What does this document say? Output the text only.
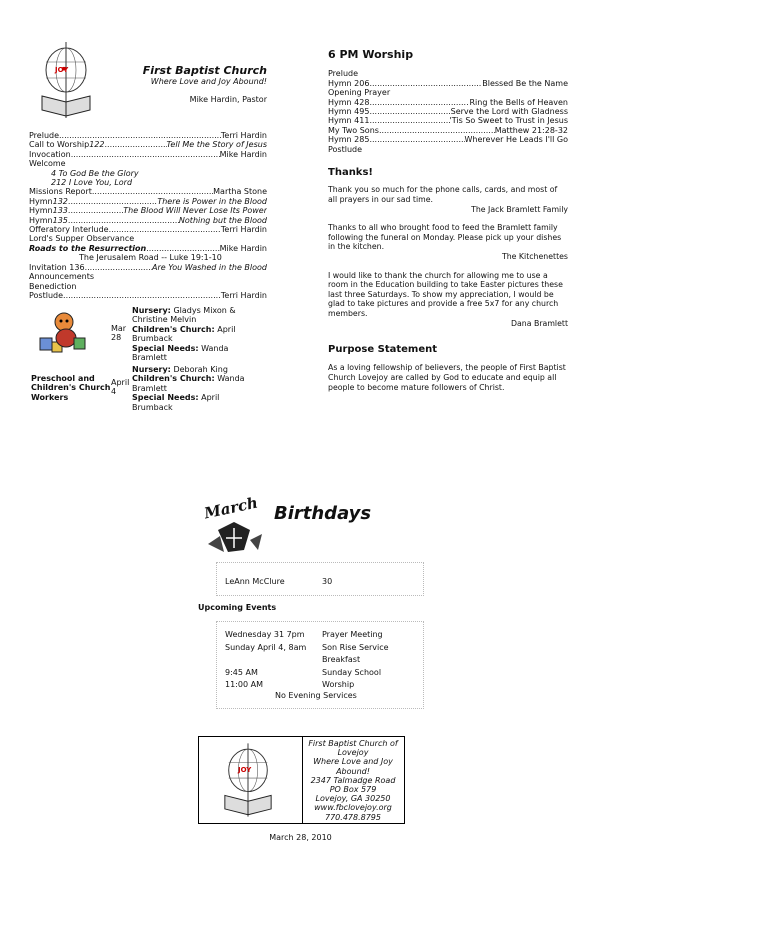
JOY	First Baptist Church
Where Love and Joy Abound!
Mike Hardin, Pastor
Prelude .....	Terri Hardin
Call to Worship 122 .....	Tell Me the Story of Jesus
Invocation .....	Mike Hardin
Welcome
4 To God Be the Glory
212 I Love You, Lord
Missions Report .....	Martha Stone
Hymn 132 .....	There is Power in the Blood
Hymn 133 .....	The Blood Will Never Lose Its Power
Hymn 135 .....	Nothing but the Blood
Offeratory Interlude .....	Terri Hardin
Lord's Supper Observance
Roads to the Resurrection .....	Mike Hardin
The Jerusalem Road -- Luke 19:1-10
Invitation 136 .....	Are You Washed in the Blood
Announcements
Benediction
Postlude .....	Terri Hardin
Preschool and Children's Church Workers
Mar 28
Nursery: Gladys Mixon & Christine Melvin
Children's Church: April Brumback
Special Needs: Wanda Bramlett
April 4
Nursery: Deborah King
Children's Church: Wanda Bramlett
Special Needs: April Brumback
6 PM Worship
Prelude
Hymn 206 .....	Blessed Be the Name
Opening Prayer
Hymn 428 .....	Ring the Bells of Heaven
Hymn 495 .....	Serve the Lord with Gladness
Hymn 411 .....	'Tis So Sweet to Trust in Jesus
My Two Sons .....	Matthew 21:28-32
Hymn 285 .....	Wherever He Leads I'll Go
Postlude
Thanks!
Thank you so much for the phone calls, cards, and most of all prayers in our sad time.
The Jack Bramlett Family
Thanks to all who brought food to feed the Bramlett family following the funeral on Monday. Please pick up your dishes in the kitchen.
The Kitchenettes
I would like to thank the church for allowing me to use a room in the Education building to take Easter pictures these last three Saturdays. To show my appreciation, I would be glad to take pictures and provide a free 5x7 for any church members.
Dana Bramlett
Purpose Statement
As a loving fellowship of believers, the people of First Baptist Church Lovejoy are called by God to educate and equip all people to become mature followers of Christ.
March Birthdays
LeAnn McClure	30
Upcoming Events
Wednesday 31 7pm	Prayer Meeting
Sunday April 4, 8am	Son Rise Service
Breakfast
9:45 AM	Sunday School
11:00 AM	Worship
No Evening Services
JOY
First Baptist Church of Lovejoy
Where Love and Joy Abound!
2347 Talmadge Road
PO Box 579
Lovejoy, GA 30250
www.fbclovejoy.org
770.478.8795
March 28, 2010
